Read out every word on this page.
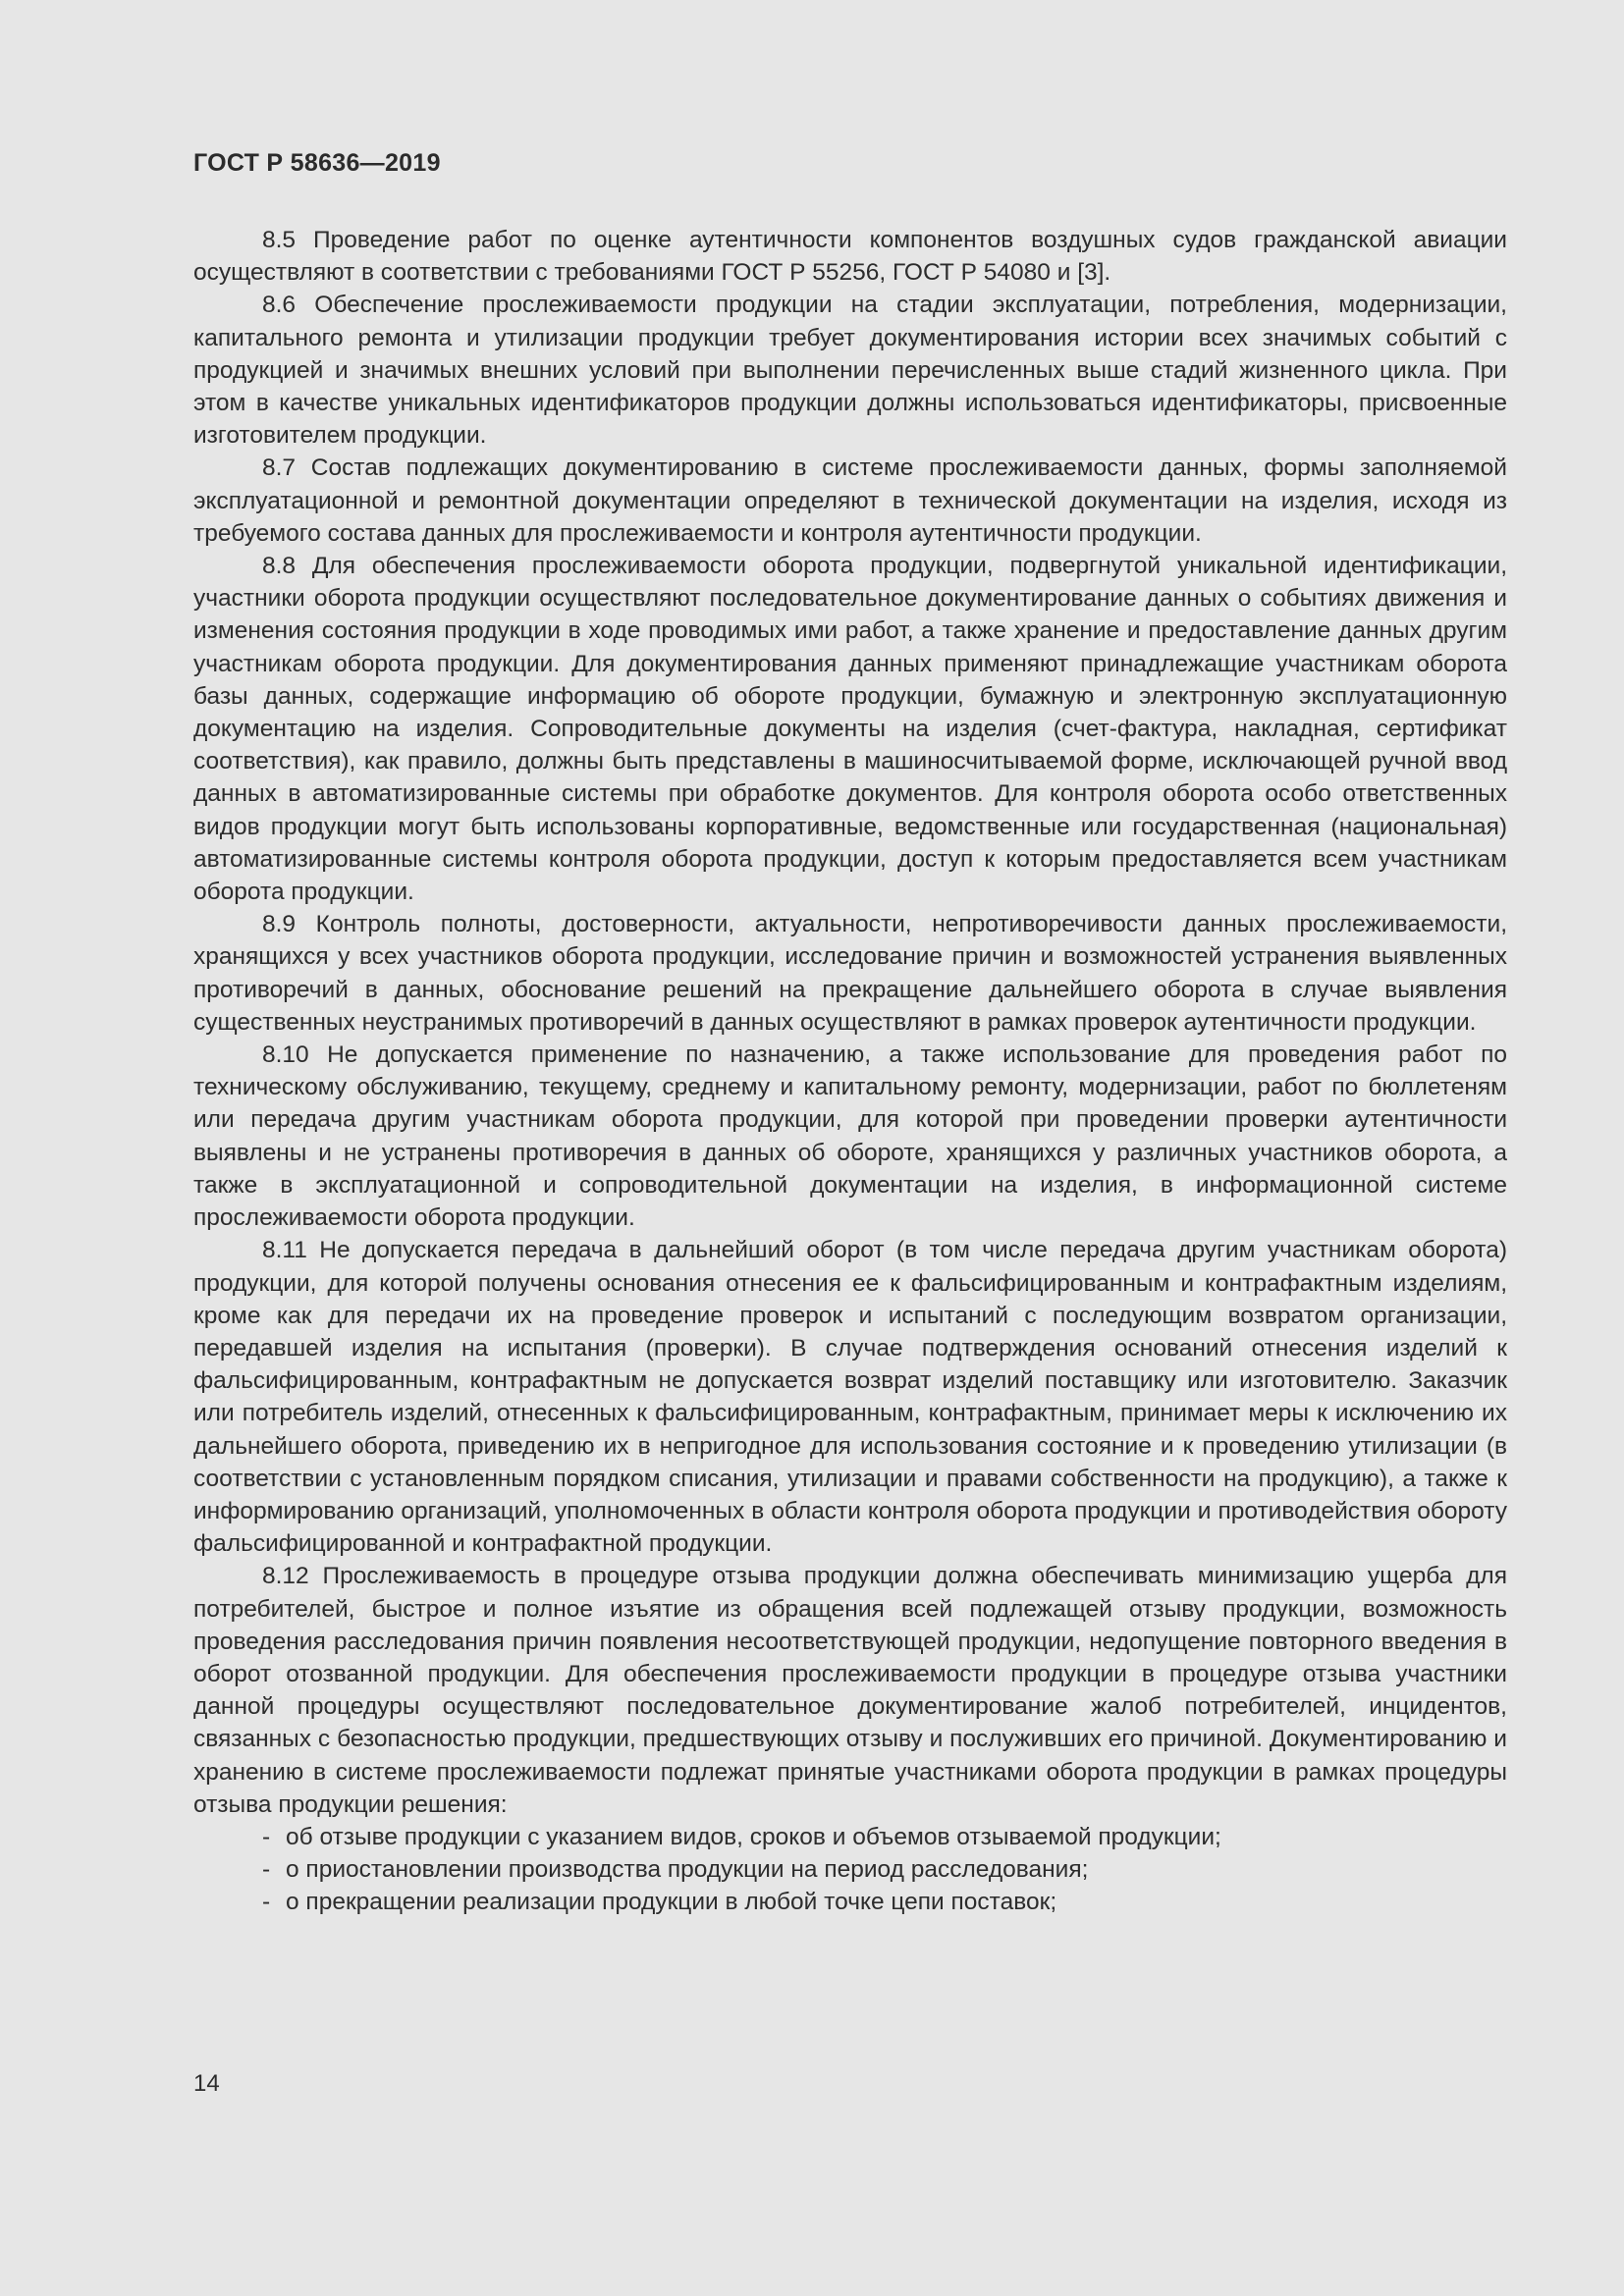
ГОСТ Р 58636—2019

8.5 Проведение работ по оценке аутентичности компонентов воздушных судов гражданской авиации осуществляют в соответствии с требованиями ГОСТ Р 55256, ГОСТ Р 54080 и [3].

8.6 Обеспечение прослеживаемости продукции на стадии эксплуатации, потребления, модернизации, капитального ремонта и утилизации продукции требует документирования истории всех значимых событий с продукцией и значимых внешних условий при выполнении перечисленных выше стадий жизненного цикла. При этом в качестве уникальных идентификаторов продукции должны использоваться идентификаторы, присвоенные изготовителем продукции.

8.7 Состав подлежащих документированию в системе прослеживаемости данных, формы заполняемой эксплуатационной и ремонтной документации определяют в технической документации на изделия, исходя из требуемого состава данных для прослеживаемости и контроля аутентичности продукции.

8.8 Для обеспечения прослеживаемости оборота продукции, подвергнутой уникальной идентификации, участники оборота продукции осуществляют последовательное документирование данных о событиях движения и изменения состояния продукции в ходе проводимых ими работ, а также хранение и предоставление данных другим участникам оборота продукции. Для документирования данных применяют принадлежащие участникам оборота базы данных, содержащие информацию об обороте продукции, бумажную и электронную эксплуатационную документацию на изделия. Сопроводительные документы на изделия (счет-фактура, накладная, сертификат соответствия), как правило, должны быть представлены в машиносчитываемой форме, исключающей ручной ввод данных в автоматизированные системы при обработке документов. Для контроля оборота особо ответственных видов продукции могут быть использованы корпоративные, ведомственные или государственная (национальная) автоматизированные системы контроля оборота продукции, доступ к которым предоставляется всем участникам оборота продукции.

8.9 Контроль полноты, достоверности, актуальности, непротиворечивости данных прослеживаемости, хранящихся у всех участников оборота продукции, исследование причин и возможностей устранения выявленных противоречий в данных, обоснование решений на прекращение дальнейшего оборота в случае выявления существенных неустранимых противоречий в данных осуществляют в рамках проверок аутентичности продукции.

8.10 Не допускается применение по назначению, а также использование для проведения работ по техническому обслуживанию, текущему, среднему и капитальному ремонту, модернизации, работ по бюллетеням или передача другим участникам оборота продукции, для которой при проведении проверки аутентичности выявлены и не устранены противоречия в данных об обороте, хранящихся у различных участников оборота, а также в эксплуатационной и сопроводительной документации на изделия, в информационной системе прослеживаемости оборота продукции.

8.11 Не допускается передача в дальнейший оборот (в том числе передача другим участникам оборота) продукции, для которой получены основания отнесения ее к фальсифицированным и контрафактным изделиям, кроме как для передачи их на проведение проверок и испытаний с последующим возвратом организации, передавшей изделия на испытания (проверки). В случае подтверждения оснований отнесения изделий к фальсифицированным, контрафактным не допускается возврат изделий поставщику или изготовителю. Заказчик или потребитель изделий, отнесенных к фальсифицированным, контрафактным, принимает меры к исключению их дальнейшего оборота, приведению их в непригодное для использования состояние и к проведению утилизации (в соответствии с установленным порядком списания, утилизации и правами собственности на продукцию), а также к информированию организаций, уполномоченных в области контроля оборота продукции и противодействия обороту фальсифицированной и контрафактной продукции.

8.12 Прослеживаемость в процедуре отзыва продукции должна обеспечивать минимизацию ущерба для потребителей, быстрое и полное изъятие из обращения всей подлежащей отзыву продукции, возможность проведения расследования причин появления несоответствующей продукции, недопущение повторного введения в оборот отозванной продукции. Для обеспечения прослеживаемости продукции в процедуре отзыва участники данной процедуры осуществляют последовательное документирование жалоб потребителей, инцидентов, связанных с безопасностью продукции, предшествующих отзыву и послуживших его причиной. Документированию и хранению в системе прослеживаемости подлежат принятые участниками оборота продукции в рамках процедуры отзыва продукции решения:

- об отзыве продукции с указанием видов, сроков и объемов отзываемой продукции;

- о приостановлении производства продукции на период расследования;

- о прекращении реализации продукции в любой точке цепи поставок;

14
